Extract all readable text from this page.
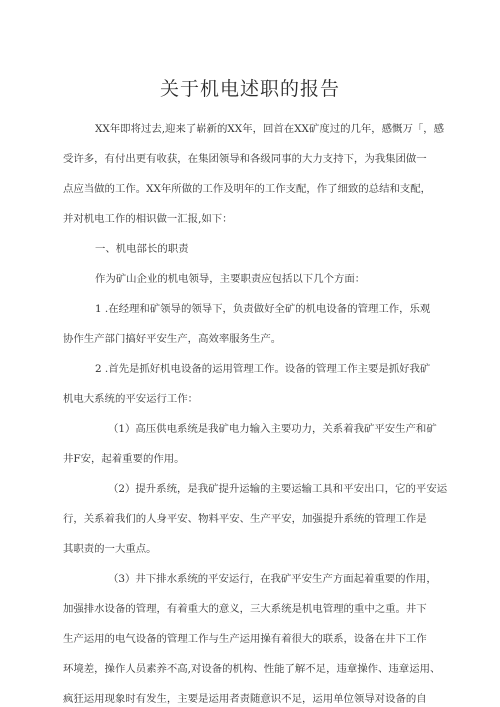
关于机电述职的报告
XX年即将过去,迎来了崭新的XX年，回首在XX矿度过的几年，感慨万「，感
受许多，有付出更有收获，在集团领导和各级同事的大力支持下，为我集团做一
点应当做的工作。XX年所做的工作及明年的工作支配，作了细致的总结和支配，
并对机电工作的相识做一汇报,如下：
一、机电部长的职责
作为矿山企业的机电领导，主要职责应包括以下几个方面：
1 .在经理和矿领导的领导下，负责做好全矿的机电设备的管理工作，乐观
协作生产部门搞好平安生产，高效率服务生产。
2 .首先是抓好机电设备的运用管理工作。设备的管理工作主要是抓好我矿
机电大系统的平安运行工作：
（1）高压供电系统是我矿电力输入主要功力，关系着我矿平安生产和矿
井F安，起着重要的作用。
（2）提升系统，是我矿提升运输的主要运输工具和平安出口，它的平安运
行，关系着我们的人身平安、物料平安、生产平安，加强提升系统的管理工作是
其职责的一大重点。
（3）井下排水系统的平安运行，在我矿平安生产方面起着重要的作用，
加强排水设备的管理，有着重大的意义，三大系统是机电管理的重中之重。井下
生产运用的电气设备的管理工作与生产运用操有着很大的联系，设备在井下工作
环境差，操作人员素养不高,对设备的机构、性能了解不足，违章操作、违章运用、
疯狂运用现象时有发生，主要是运用者责随意识不足，运用单位领导对设备的自
